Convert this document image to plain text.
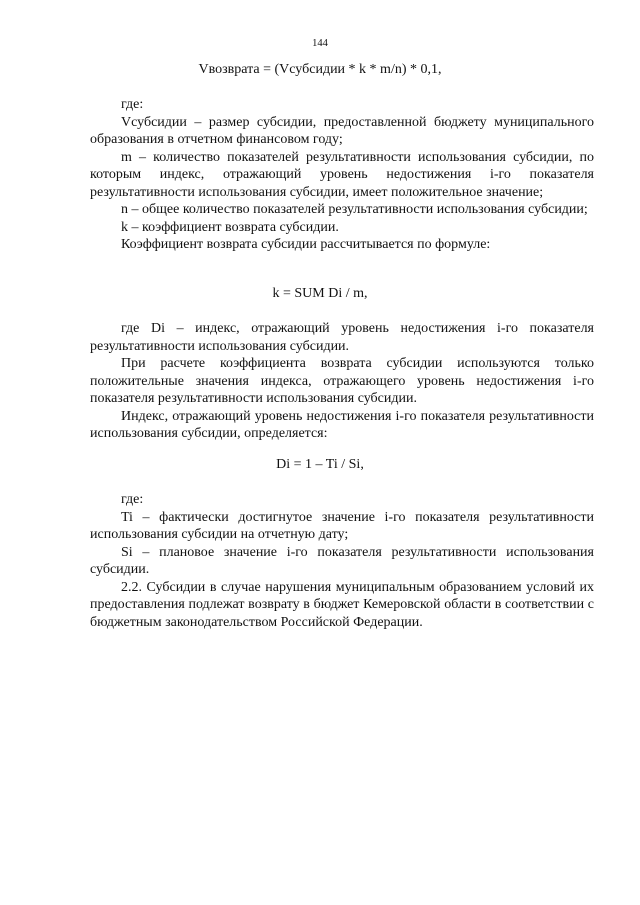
144
Vвозврата = (Vсубсидии * k * m/n) * 0,1,

где:

Vсубсидии – размер субсидии, предоставленной бюджету муниципального образования в отчетном финансовом году;

m – количество показателей результативности использования субсидии, по которым индекс, отражающий уровень недостижения i-го показателя результативности использования субсидии, имеет положительное значение;

n – общее количество показателей результативности использования субсидии;

k – коэффициент возврата субсидии.

Коэффициент возврата субсидии рассчитывается по формуле:

k = SUM Di / m,

где Di – индекс, отражающий уровень недостижения i-го показателя результативности использования субсидии.

При расчете коэффициента возврата субсидии используются только положительные значения индекса, отражающего уровень недостижения i-го показателя результативности использования субсидии.

Индекс, отражающий уровень недостижения i-го показателя результативности использования субсидии, определяется:

Di = 1 – Ti / Si,

где:

Ti – фактически достигнутое значение i-го показателя результативности использования субсидии на отчетную дату;

Si – плановое значение i-го показателя результативности использования субсидии.

2.2. Субсидии в случае нарушения муниципальным образованием условий их предоставления подлежат возврату в бюджет Кемеровской области в соответствии с бюджетным законодательством Российской Федерации.
